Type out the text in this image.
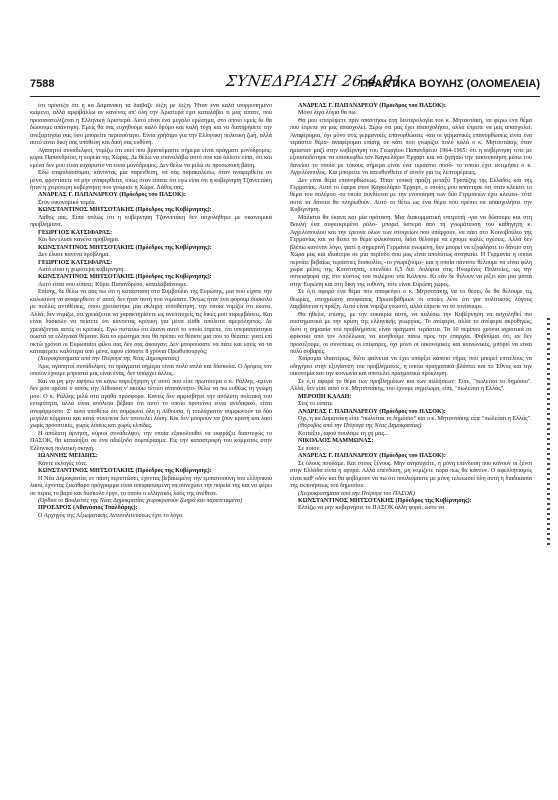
7588	ΣΥΝΕΔΡΙΑΣΗ 26.4.91
ΠΡΑΚΤΙΚΑ ΒΟΥΛΗΣ (ΟΛΟΜΕΛΕΙΑ)

ότι πρόσεξα ότι η κα Δαμανάκη τα διάβαζε λέξη με λέξη. Ήταν ένα καλά ισορροπημένο κείμενο, αλλά αμφιβάλλω αν κανένας απ' όλη την Αριστερά έχει καταλάβει τι μας είπατε, πού προσανατολίζεται η Ελληνική Αριστερά. Αυτό είναι ένα μεγάλο ερώτημα, στο οποίο εμείς δε θα δώσουμε απάντηση. Εμείς θα σας ευχηθούμε καλό δρόμο και καλή τύχη και να διατηρήσετε την ανεξαρτησία σας όσο μπορείτε περισσότερο. Είναι χρήσιμο για την Ελληνική πολιτική ζωή, αλλά αυτό είναι δική σας υπόθεση και δική σας ευθύνη.

Αγαπητοί συνάδελφοι, νομίζω ότι εκεί που βρισκόμαστε σήμερα είναι πράγματι μονόδρομος: κύριε Παπανδρέου, η πορεία της Χώρας. Δε θέλω να επαναλάβω αυτό που και άλλοτε είπα, ότι και εμένα δεν μου είναι ευχάριστο να είναι μονόδρομος. Δεν θέλω να μιλώ σε προσωπική βάση.

Εδώ επιφυλάσσομαι, κάνοντας μια παρένθεση, να σας παρακαλέσω, όταν αναφερθείτε σε μένα, φροντίσετε να μην αναφερθείτε, όπως όταν είπατε ότι εγώ είπα ότι η κυβέρνηση Τζαννετάκη ήταν η χειρότερη κυβέρνηση που γνώρισε η Χώρα. Λάθος σας.

ΑΝΔΡΕΑΣ Γ. ΠΑΠΑΝΔΡΕΟΥ (Πρόεδρος του ΠΑΣΟΚ):

Στον οικονομικό τομέα.

ΚΩΝΣΤΑΝΤΙΝΟΣ ΜΗΤΣΟΤΑΚΗΣ (Πρόεδρος της Κυβέρνησης):

Λάθος σας. Είπα απλώς ότι η κυβέρνηση Τζαννετάκη δεν ασχολήθηκε με οικονομικά προβλήματα.

ΓΕΩΡΓΙΟΣ ΚΑΤΣΙΦΑΡΑΣ:

Και δεν έλυσε κανένα πρόβλημα.

ΚΩΝΣΤΑΝΤΙΝΟΣ ΜΗΤΣΟΤΑΚΗΣ (Πρόεδρος της Κυβέρνησης):

Δεν έλυσε κανένα πρόβλημα.

ΓΕΩΡΓΙΟΣ ΚΑΤΣΙΦΑΡΑΣ:

Αυτό είναι η χειρότερη κυβέρνηση.

ΚΩΝΣΤΑΝΤΙΝΟΣ ΜΗΤΣΟΤΑΚΗΣ (Πρόεδρος της Κυβέρνησης):

Αυτό είναι που είπατε; Κύριε Παπανδρέου, καταλαβαίνουμε.

Επίσης, δε θέλω να σας πω ότι η κατάσταση στο Συμβούλιο της Ευρώπης, μια που είχατε την καλωσύνη να αναφερθείτε σ' αυτό, δεν ήταν αυτή που νομίσατε. Όντως ήταν ένα φόρουμ δύσκολο με πολλές αντιθέσεις, όπου χρειάστηκε μία σκληρή τοποθέτηση, την οποία νομίζω ότι έκανα. Αλλά, δεν νομίζω, ότι χρειάζεται να χαρακτηρίσετε ως ανεπιτυχείς τις δικές μου παρεμβάσεις. Και είναι δύσκολο να πείσετε ότι κάνοντας κριτική για μένα είσθε απόλυτα αμερόληπτος. Δε χρειάζονται αυτές οι κριτικές. Εγώ πιστεύω ότι έκανα αυτό το οποίο έπρεπε, ότι υπερασπίστηκα σωστά τα ελληνικά θέματα. Και το ερώτημα που θα πρέπει να θέσετε μια που το θέσατε: γιατί επί οκτώ χρόνια οι Ευρωπαίοι φίλοι σας δεν σας άκουγαν; Δεν μπορούσατε να πάτε και εσείς να τα καταφέρετε καλύτερα από μένα, αφού είσαστε 8 χρόνια Πρωθυπουργός;

(Χειροκροτήματα από την Πτέρυγα της Νέας Δημοκρατίας)

Άρα, αγαπητοί συνάδελφοι, τα πράγματα σήμερα είναι πολύ απλά και δύσκολα. Ο δρόμος τον οποίον έχουμε μπροστά μας είναι ένας, δεν υπάρχει άλλος.

Και να μη μην αφήσω να κάνω παρεξήγηση γι' αυτό που είπε πρωτύτερα ο κ. Ράλλης -εμένα δεν μου αρέσει ο αυτός την Αίθουσα ν' ακούω τέτοιο αναπάντητο- θέλω να πω ευθέως τη γνώμη μου: Ο κ. Ράλλης μιλά στα αγαθά πρόσφορα. Κανείς δεν αμφισβητεί την απόλυτη πολιτική του εντιμότητα, αλλά είναι απόλυτα βέβαιο ότι αυτό το οποίο προτείνει είναι ανεδαφικό, είναι ανεφάρμοστο. Σ' αυτό υποθέτω ότι συμφωνεί όλη η Αίθουσα, ή τουλάχιστον συμφωνούν τα δύο μεγάλα κόμματα και κατά συνέπεια δεν αποτελεί λύση. Και δεν μπορούν να ζουν κρατή και λαοί χωρίς προοπτικές, χωρίς λύσεις και χωρίς ελπίδες.

Η απόλυτη άρνηση, κύριοι συνάδελφοι, την οποία εξακολουθεί να εκφράζει διαστυχώς το ΠΑΣΟΚ, θα καταλήξει σε ένα αδιέξοδο συμπέρασμα. Εις την καταστροφή του κόμματος στην Ελληνική πολιτική σκηνή.

ΙΩΑΝΝΗΣ ΜΕΙΔΙΗΣ:

Κάντε εκλογές τότε.

ΚΩΝΣΤΑΝΤΙΝΟΣ ΜΗΤΣΟΤΑΚΗΣ (Πρόεδρος της Κυβέρνησης):

Η Νέα Δημοκρατία, εν πάση περιπτώσει, έχοντας βεβαιωμένη την εμπιστοσύνη του ελληνικού λαού, έχοντας ξεκάθαρο πρόγραμμα είναι αποφασισμένη να συνεχίσει την πορεία της και να φέρει σε πέρας το βαρύ και δύσκολο έργο, το οποίο ο ελληνικός λαός της ανέθεσε.

(Όρθιοι οι Βουλευτές της Νέας Δημοκρατίας χειροκροτούν ζωηρά και παρατεταμένα)

ΠΡΟΕΔΡΟΣ (Αθανάσιος Τσαλδάρης):

Ο Αρχηγός της Αξιωματικής Αντιπολιτεύσεως έχει το λόγο.

ΑΝΔΡΕΑΣ Γ. ΠΑΠΑΝΔΡΕΟΥ (Πρόεδρος του ΠΑΣΟΚ):

Μόνο λίγα λόγια θα πω.

Θα μου επιτρέψετε πριν απαντήσω στη δευτερολογία του κ. Μητσοτάκη, να φέρω ένα θέμα που έπρεπε να μας απασχολεί. Ξέρω ότι μας έχει απασχολήσει, αλλά έπρεπε να μας απασχολεί. Αναφέρομαι, όχι μόνο στις γερμανικές επανορθώσεις -και οι γερμανικές επανορθώσεις είναι ένα τεράστιο θέμα- αναφέρομαι επίσης σε κάτι που γνωρίζει πολύ καλά ο κ. Μητσοτάκης όταν ήμασταν μαζί στην κυβέρνηση του Γεωργίου Παπανδρέου 1964-1965: ότι η κυβέρνηση τότε με εξουσιοδότησε να επισκεφθώ τον Καγκελάριο Έρχαρτ και να ζητήσω την τακτοποίηση μέσω του δανείου το οποίο με τόκους σήμερα είναι ένα τεράστιο ποσό- το οποίο έχει εκτιμήσει ο κ. Αγγελόπουλος. Και μπορείτε να απευθυνθείτε σ' αυτόν για τις λεπτομέρειες.

Δεν είναι θέμα επανορθώσεως. Ήταν τυπική πράξη μεταξύ Τραπέζης της Ελλάδος και της Γερμανίας. Αυτό το έφερα στον Καγκελάριο Έρχαρτ, ο οποίος μου απάντησε ότι όταν κλείσει το θέμα του πολέμου -το οποίο συνδέεται με την ενοποίηση των δύο Γερμανιών έχει κλείσει- τότε αυτά τα δάνεια θα πληρωθούν. Αυτό το θέτω ως ένα θέμα που πρέπει να απασχολήσει την Κυβέρνηση.

Μάλιστα θα έκανα και μία πρόταση. Μια διακομματική επιτροπή -για να δώσουμε και στη Βουλή ένα συγκεκριμένο ρόλο- μπορεί ύστερα από τη γνωμάτευση του καθηγητή κ. Αγγελόπουλου και την έρευνα όλων των στοιχείων που υπάρχουν, να πάει στο Κοινοβούλιο της Γερμανίας και να θέσει το θέμα φιλικότατα, διότι θέλουμε να έχουμε καλές σχέσεις. Αλλά δεν βλέπω κανέναν λόγο, γιατί η σημερινή Γερμανία ενωμένη, δεν μπορεί να εξοφλήσει το δάνειο στη Χώρα μας και ιδιαίτερα σε μία περίοδο που μας είναι απολύτως αναγκαίο. Η Γερμανία η οποία περνάει βεβαίως τεράστιες δυσκολίες -το γνωρίζουμε- και η οποία πάντοτε θέλουμε να είναι φίλη χώρα μέλος της Κοινότητας, επενδύει 6,5 δισ. δολάρια στις Ηνωμένες Πολιτείες, ως την συνεισφορά της στο κόστος του πολέμου του Κόλπου. Κι εάν δε θέλουν να ρίξει και μια ματιά στην Ευρώπη και στη δική της ευθύνη, τότε είναι Ευρώπη χώρες.

Σε ό,τι αφορά ένα θέμα που αποφεύγει ο κ. Μητσοτάκης να το θέσει, δε θα θέλουμε τις θεωρίες, υποχρέωση αποφάσεις Πρωτοβάθμιων οι οποίες λένε ότι για πολιτικούς λόγους λαμβάνεται η πράξη. Αυτό είναι νομίζω γνωστό, αλλά έπρεπε να το τονίσουμε.

Θα ήθελα, επίσης, με την ευκαιρία αυτή, να καλέσω την Κυβέρνηση να ασχοληθεί πιο συστηματικά με την κρίση της ελληνικής γεωργίας. Το ανέφερα, αλλά το ανέφερα ακροθιγώς, διότι η σημασία του προβλήματος είναι πράγματι τεράστια. Τα 10 περίπου χρόνια αγροτικά σε φρίκτικε από τον Απόλλωνα, να κινηθούμε πάνω προς την επαρχία. Φοβούμαι ότι, αν δεν προσέξουμε, οι συνέπειες οι επίκαιρες, όχι μόνο οι οικονομικές και κοινωνικές, μπορεί να είναι πολύ σοβαρές.

Χαίρομαι ιδιαιτέρως, διότι φαίνεται να έχει υπάρξει κάποιο νήμα, που μπορεί επιτέλους να οδηγήσει στην εξυγίανση του προβλήματος, η οποία πραγματικά βλάπτει και το Έθνος και την οικονομία και την κοινωνία και αποτελεί πραγματικά πρόκληση.

Σε ό,τι αφορά το θέμα των προβλημάτων και των πωλήσεων: Είπε, "πωλείται το δημόσιο". Αλλά, δεν είπε αυτό ο κ. Μητσοτάκης, του έχουμε σημείωμα, είπε, "πωλείται η Ελλάς".

ΜΕΡΟΠΗ ΚΑΛΔΗ:

Σεις το είπατε.

ΑΝΔΡΕΑΣ Γ. ΠΑΠΑΝΔΡΕΟΥ (Πρόεδρος του ΠΑΣΟΚ):

Όχι, η κα Δαμανάκη είπε "πωλείται το δημόσιο" και ο κ. Μητσοτάκης είπε "πωλείται η Ελλάς".

(Θόρυβος από την Πτέρυγα της Νέας Δημοκρατίας)

Κοιτάξτε, αφού πουλάμε τη γη μας...

ΝΙΚΟΛΑΟΣ ΜΑΜΜΩΝΑΣ:

Σε ποιον;

ΑΝΔΡΕΑΣ Γ. ΠΑΠΑΝΔΡΕΟΥ (Πρόεδρος του ΠΑΣΟΚ):

Σε όλους πουλάμε. Και στους ξένους. Μην ανησυχείτε, η μόνη επένδυση που κάνουν οι ξένοι στην Ελλάδα είναι η αγορά. Αλλά επένδυση, μη νομίζετε τώρα πως θα κάνουν. Ο αφελληνισμός είναι καθ' οδόν και θα φοβόμουν να πω ότι πουλιόμαστε με μόνη τελειωσεί όλη αυτή η διαδικασία της εκποιήσεως του δημοσίου.

(Χειροκροτήματα από την Πτέρυγα του ΠΑΣΟΚ)

ΚΩΝΣΤΑΝΤΙΝΟΣ ΜΗΤΣΟΤΑΚΗΣ (Πρόεδρος της Κυβέρνησης):

Ελπίζω να μην κυβερνήσει το ΠΑΣΟΚ άλλη φορά, ώστε να
